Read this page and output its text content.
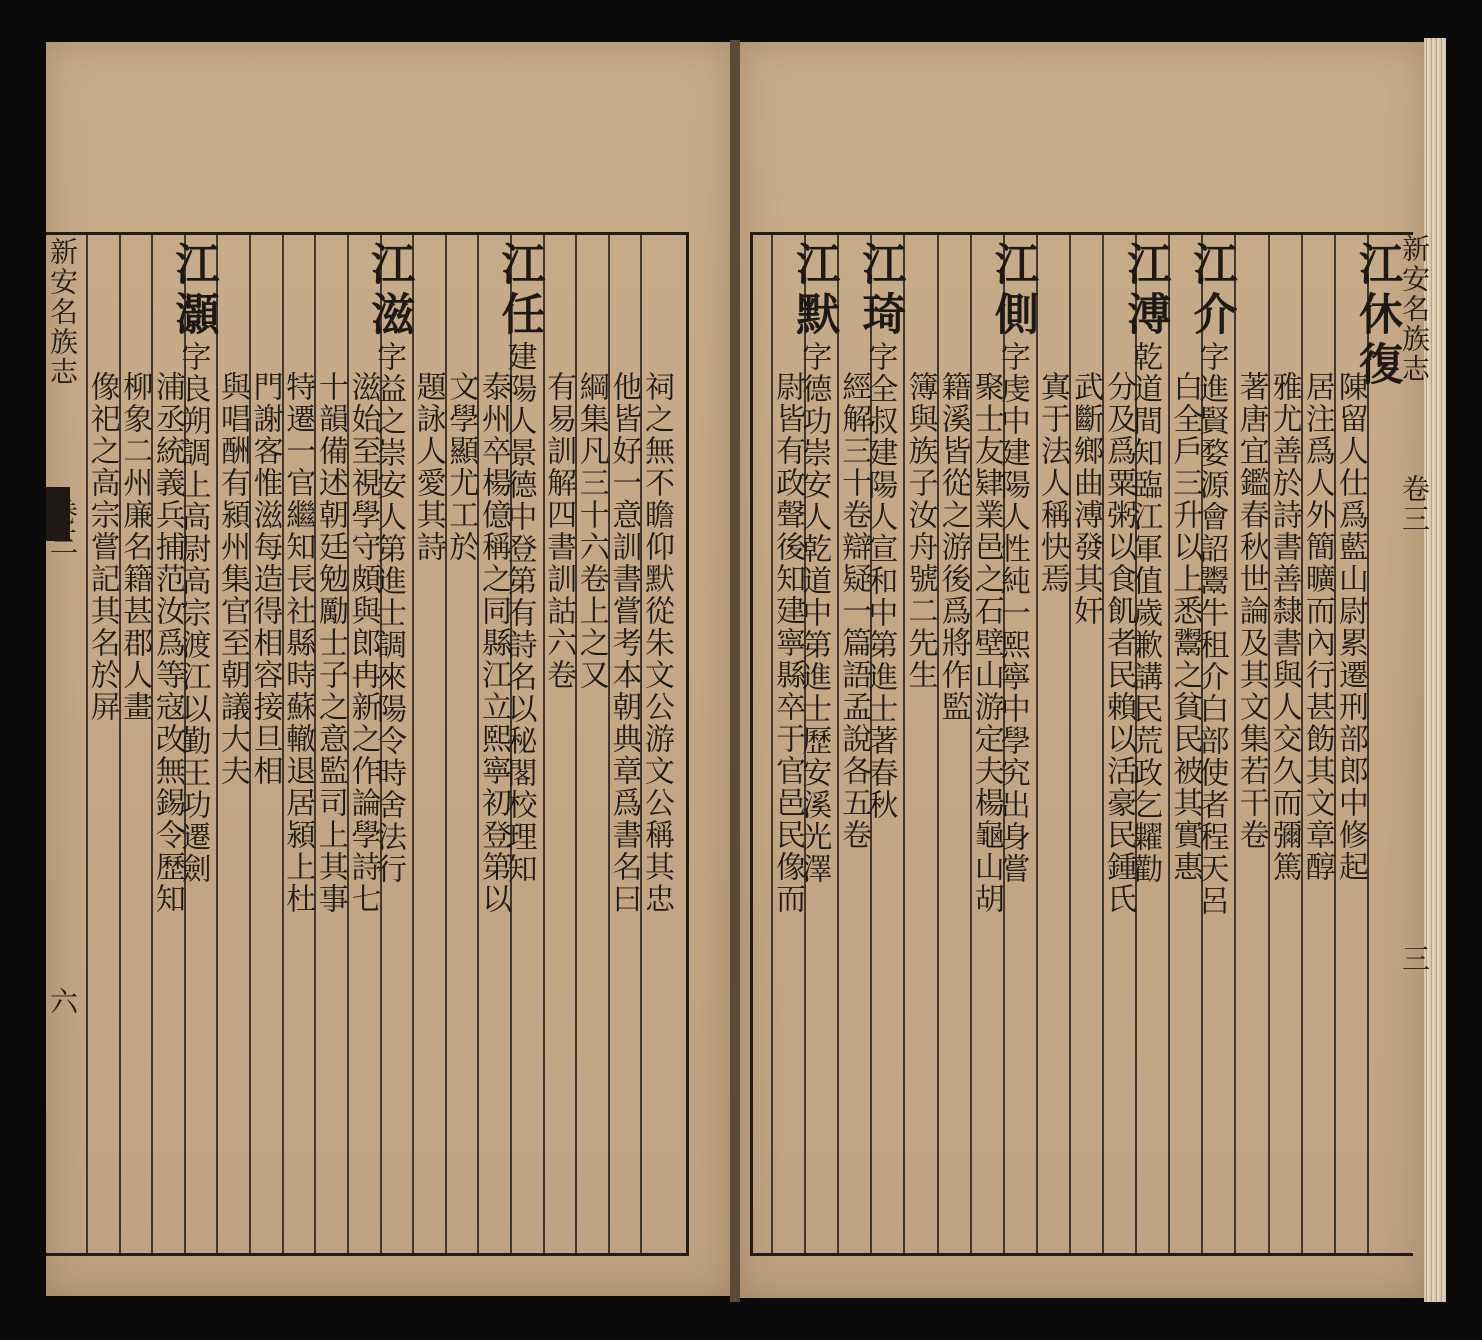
江休復
陳留人仕爲藍山尉累遷刑部郎中修起
居注爲人外簡曠而內行甚飭其文章醇
雅尤善於詩書善隸書與人交久而彌篤
著唐宜鑑春秋世論及其文集若干卷
江介字進賢婺源會詔鬻牛租介白部使者程天呂
白全戶三升以上悉鬻之貧民被其實惠
江溥乾道間知臨江軍值歲歉講民荒政乞糶勸
分及爲粟粥以食飢者民賴以活豪民鍾氏
武斷鄉曲溥發其奸
寘于法人稱快焉
江側字虔中建陽人性純一熙寧中學究出身嘗
聚士友肄業邑之石壁山游定夫楊龜山胡
籍溪皆從之游後爲將作監
簿與族子汝舟號二先生
江琦字全叔建陽人宣和中第進士著春秋
經解三十卷辯疑一篇語孟說各五卷
江默字德功崇安人乾道中第進士歷安溪光澤
尉皆有政聲後知建寧縣卒于官邑民像而
新安名族志  卷三  三
祠之無不瞻仰默從朱文公游文公稱其忠
他皆好一意訓書嘗考本朝典章爲書名曰
綱集凡三十六卷上之又
有易訓解四書訓詁六卷
江任建陽人景德中登第有詩名以秘閣校理知
泰州卒楊億稱之同縣江立熙寧初登第以
文學顯尤工於
題詠人愛其詩
江滋字益之崇安人第進士調來陽令時舍法行
滋始至視學守頗與郎冉新之作論學詩七
十韻備述朝廷勉勵士子之意監司上其事
特遷一官繼知長社縣時蘇轍退居潁上杜
門謝客惟滋每造得相容接旦相
與唱酬有潁州集官至朝議大夫
江灝字良朔調上高尉高宗渡江以勤王功遷劍
浦丞統義兵捕范汝爲等寇改無錫令歷知
柳象二州廉名籍甚郡人畫
像祀之高宗嘗記其名於屏
新安名族志  卷三  六
